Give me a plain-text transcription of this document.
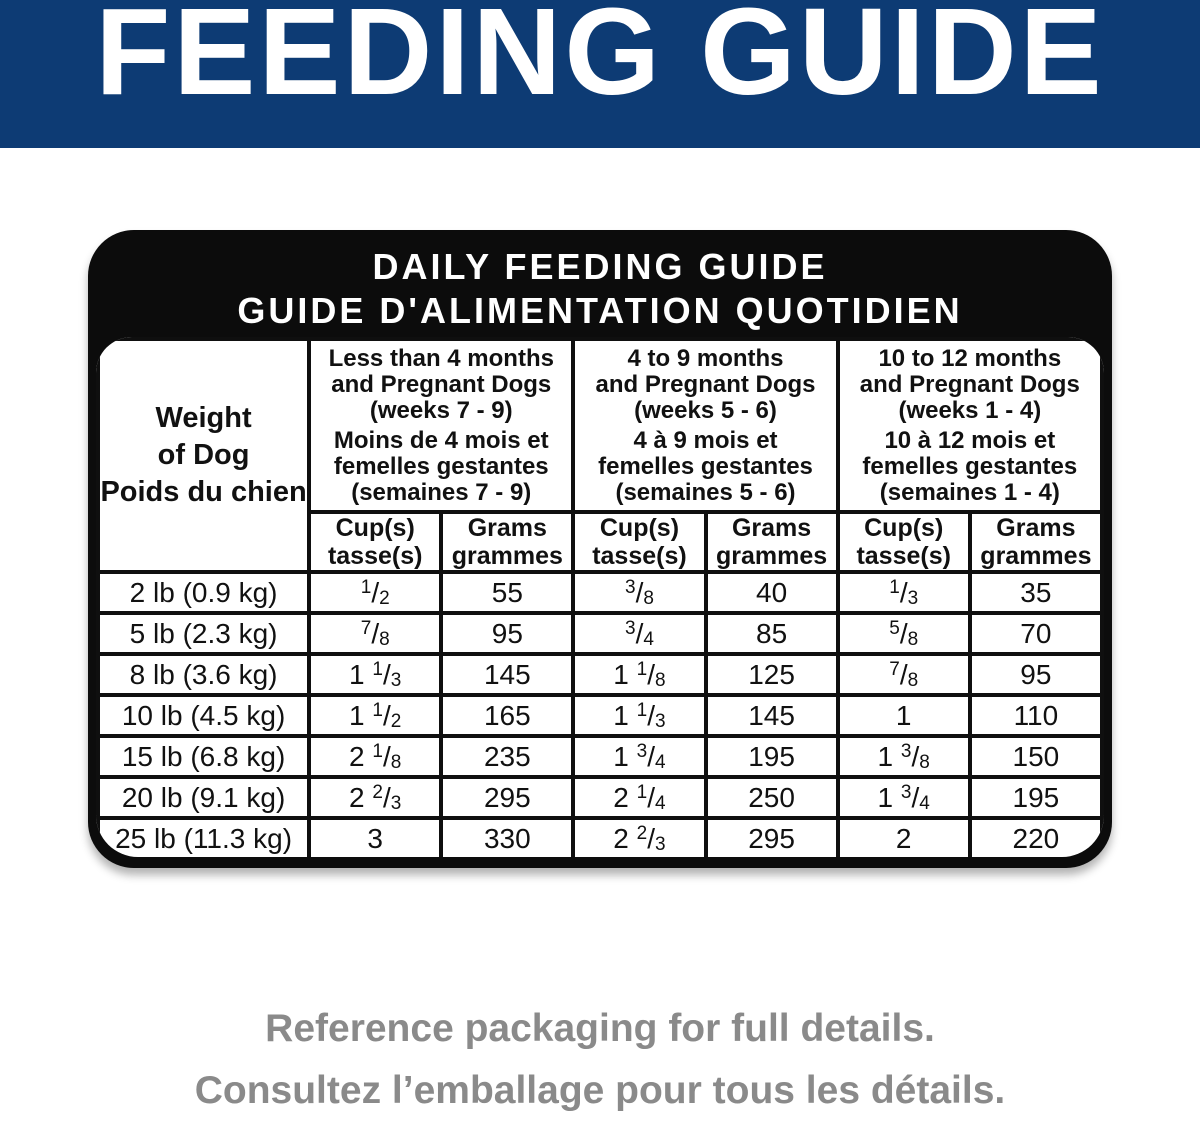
FEEDING GUIDE
DAILY FEEDING GUIDE
GUIDE D'ALIMENTATION QUOTIDIEN
Weight
of Dog
Poids du chien

Less than 4 months
and Pregnant Dogs
(weeks 7 - 9)
Moins de 4 mois et
femelles gestantes
(semaines 7 - 9)

4 to 9 months
and Pregnant Dogs
(weeks 5 - 6)
4 à 9 mois et
femelles gestantes
(semaines 5 - 6)

10 to 12 months
and Pregnant Dogs
(weeks 1 - 4)
10 à 12 mois et
femelles gestantes
(semaines 1 - 4)

Cup(s)
tasse(s)

Grams
grammes

Cup(s)
tasse(s)

Grams
grammes

Cup(s)
tasse(s)

Grams
grammes

2 lb (0.9 kg)	$^1$/2	55	$^3$/8	40	$^1$/3	35
5 lb (2.3 kg)	$^7$/8	95	$^3$/4	85	$^5$/8	70
8 lb (3.6 kg)	1 $^1$/3	145	1 $^1$/8	125	$^7$/8	95
10 lb (4.5 kg)	1 $^1$/2	165	1 $^1$/3	145	1	110
15 lb (6.8 kg)	2 $^1$/8	235	1 $^3$/4	195	1 $^3$/8	150
20 lb (9.1 kg)	2 $^2$/3	295	2 $^1$/4	250	1 $^3$/4	195
25 lb (11.3 kg)	3	330	2 $^2$/3	295	2	220
Reference packaging for full details.
Consultez l’emballage pour tous les détails.
